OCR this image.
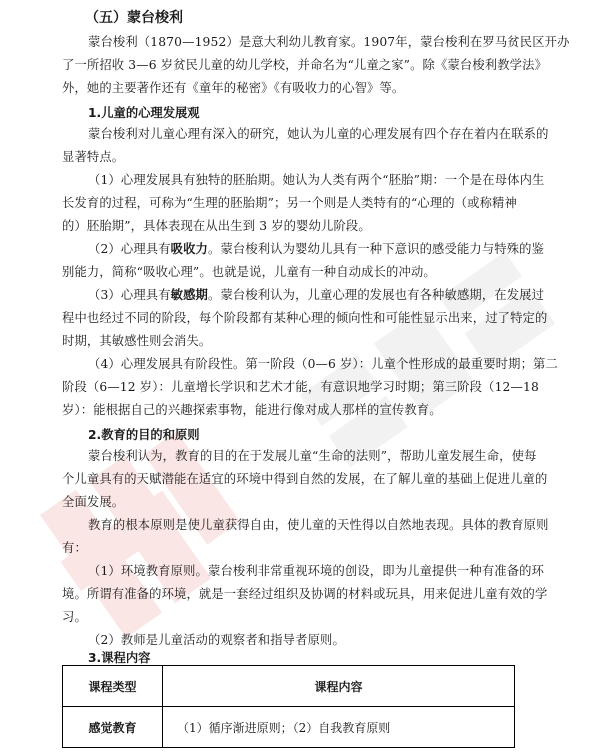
（五）蒙台梭利
蒙台梭利（1870—1952）是意大利幼儿教育家。1907年，蒙台梭利在罗马贫民区开办
了一所招收 3—6 岁贫民儿童的幼儿学校，并命名为“儿童之家”。除《蒙台梭利教学法》
外，她的主要著作还有《童年的秘密》《有吸收力的心智》等。
1.儿童的心理发展观
蒙台梭利对儿童心理有深入的研究，她认为儿童的心理发展有四个存在着内在联系的
显著特点。
（1）心理发展具有独特的胚胎期。她认为人类有两个“胚胎”期：一个是在母体内生
长发育的过程，可称为“生理的胚胎期”；另一个则是人类特有的“心理的（或称精神
的）胚胎期”，具体表现在从出生到 3 岁的婴幼儿阶段。
（2）心理具有吸收力。蒙台梭利认为婴幼儿具有一种下意识的感受能力与特殊的鉴
别能力，简称“吸收心理”。也就是说，儿童有一种自动成长的冲动。
（3）心理具有敏感期。蒙台梭利认为，儿童心理的发展也有各种敏感期，在发展过
程中也经过不同的阶段，每个阶段都有某种心理的倾向性和可能性显示出来，过了特定的
时期，其敏感性则会消失。
（4）心理发展具有阶段性。第一阶段（0—6 岁）：儿童个性形成的最重要时期；第二
阶段（6—12 岁）：儿童增长学识和艺术才能，有意识地学习时期；第三阶段（12—18
岁）：能根据自己的兴趣探索事物，能进行像对成人那样的宣传教育。
2.教育的目的和原则
蒙台梭利认为，教育的目的在于发展儿童“生命的法则”，帮助儿童发展生命，使每
个儿童具有的天赋潜能在适宜的环境中得到自然的发展，在了解儿童的基础上促进儿童的
全面发展。
教育的根本原则是使儿童获得自由，使儿童的天性得以自然地表现。具体的教育原则
有：
（1）环境教育原则。蒙台梭利非常重视环境的创设，即为儿童提供一种有准备的环
境。所谓有准备的环境，就是一套经过组织及协调的材料或玩具，用来促进儿童有效的学
习。
（2）教师是儿童活动的观察者和指导者原则。
3.课程内容
课程类型	课程内容
感觉教育	（1）循序渐进原则；（2）自我教育原则
